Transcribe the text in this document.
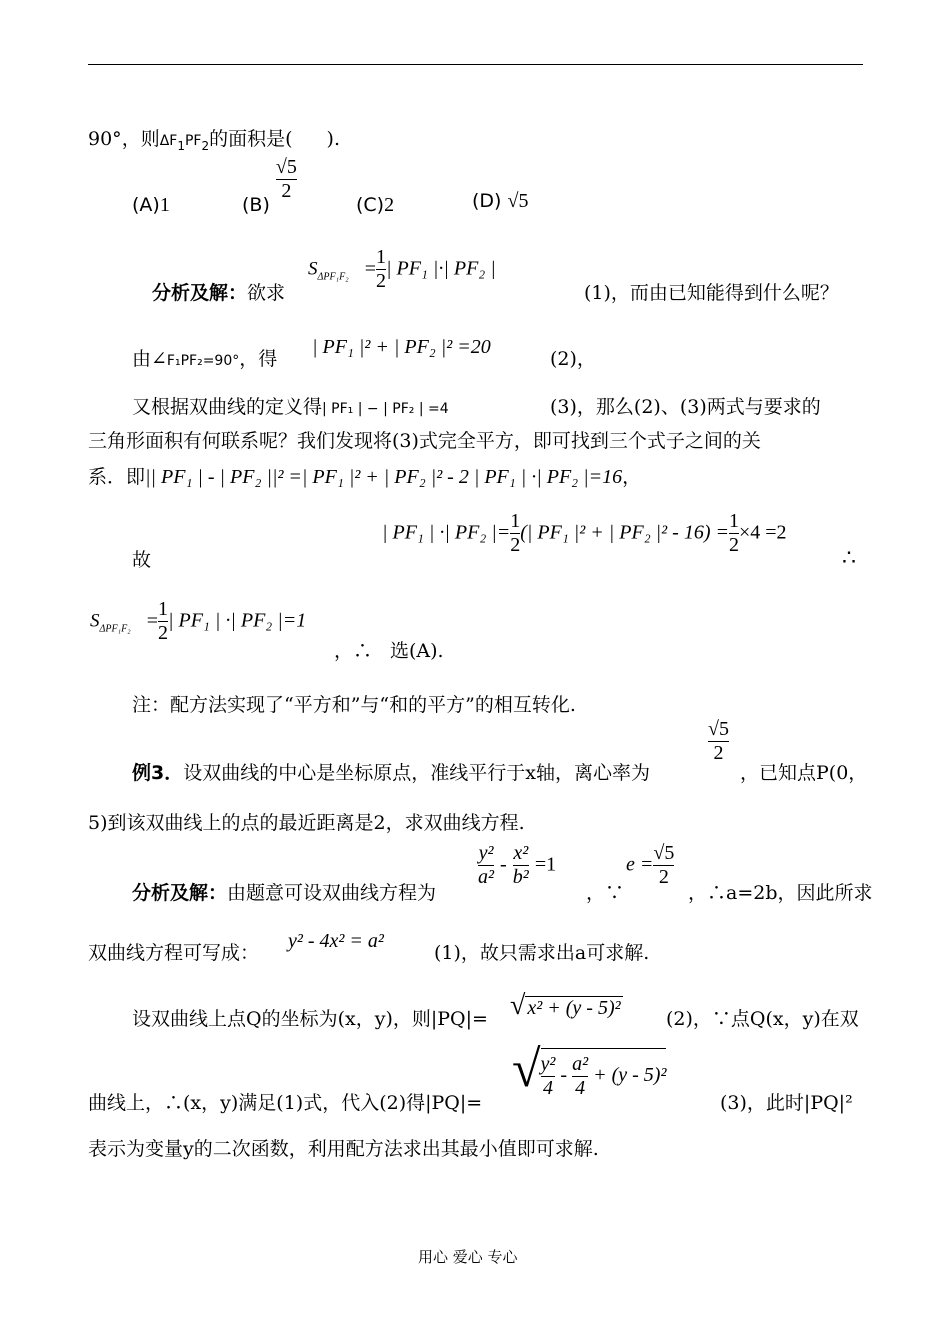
90°，则$\Delta F_1PF_2$的面积是( ).
(A)1	(B)
$\frac{√5}{2}$
(C)2	(D) √5
分析及解：欲求
$S_{\Delta PF_1F_2} = \frac{1}{2}$ | PF₁ |·| PF₂ |
(1)，而由已知能得到什么呢？
由∠F₁PF₂=90°，得
| PF₁ |² + | PF₂ |² =20
(2)，
又根据双曲线的定义得| PF₁ | − | PF₂ | =4	(3)，那么(2)、(3)两式与要求的
三角形面积有何联系呢？我们发现将(3)式完全平方，即可找到三个式子之间的关
系．即|| PF₁ | - | PF₂ ||² =| PF₁ |² + | PF₂ |² - 2 | PF₁ | ·| PF₂ |=16，
故
| PF₁ | ·| PF₂ |= $\frac{1}{2}$ (| PF₁ |² + | PF₂ $|^2 - 16) = \frac{1}{2} \times 4 =2$
∴
$S_{\Delta PF_1F_2} = \frac{1}{2}$ | PF₁ | ·| PF₂ |=1
，∴ 选(A).
注：配方法实现了“平方和”与“和的平方”的相互转化.
例3．设双曲线的中心是坐标原点，准线平行于x轴，离心率为
$\frac{√5}{2}$
，已知点P(0，
5)到该双曲线上的点的最近距离是2，求双曲线方程.
分析及解：由题意可设双曲线方程为
$\frac{\text{y²}}{\text{a²}} - \frac{\text{x²}}{\text{b²}} =1$
，∵
$e = \frac{√5}{2}$
，∴a=2b，因此所求
双曲线方程可写成：
y² - 4x² = a²
(1)，故只需求出a可求解.
设双曲线上点Q的坐标为(x，y)，则|PQ|= √ x² + (y - 5)² (2)，∵点Q(x，y)在双
曲线上，∴(x，y)满足(1)式，代入(2)得|PQ|=
√ $\frac{\text{y²}}{4} - \frac{\text{a²}}{4} + (y - 5)^2$
(3)，此时|PQ|²
表示为变量y的二次函数，利用配方法求出其最小值即可求解.
用心 爱心 专心
